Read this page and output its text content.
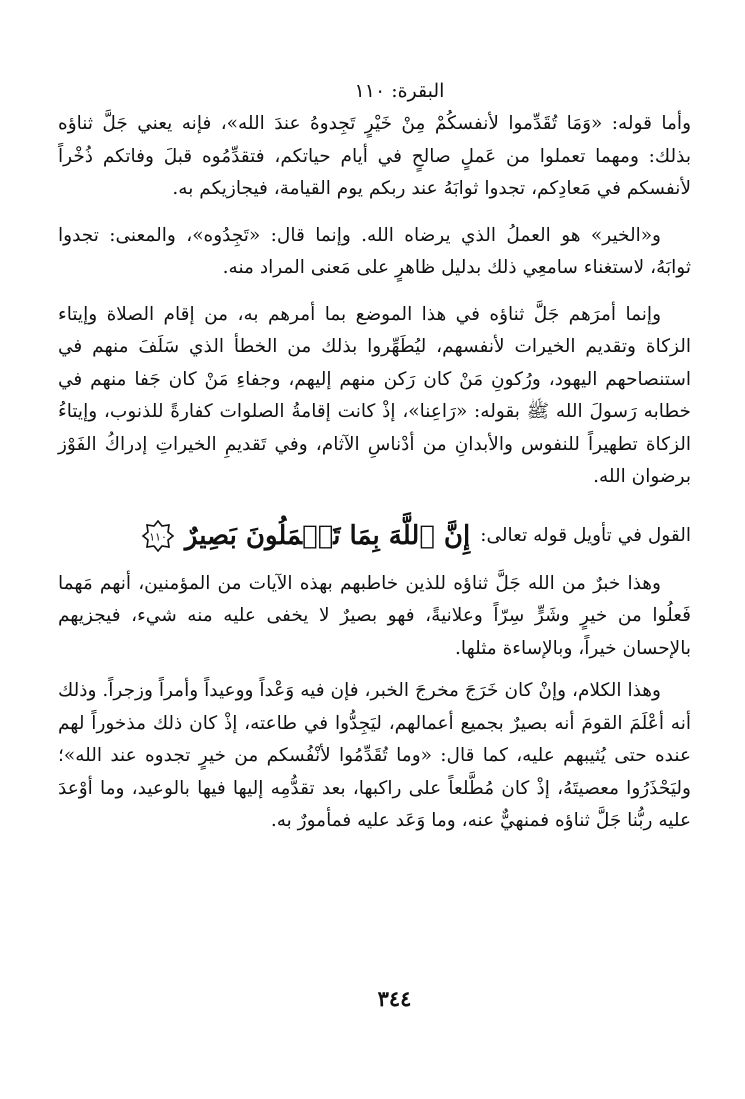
البقرة: ١١٠

وأما قوله: «وَمَا تُقَدِّموا لأنفسكُمْ مِنْ خَيْرٍ تَجِدوهُ عندَ الله»، فإنه يعني جَلَّ ثناؤه بذلك: ومهما تعملوا من عَملٍ صالحٍ في أيام حياتكم، فتقدِّمُوه قبلَ وفاتكم ذُخْراً لأنفسكم في مَعادِكم، تجدوا ثوابَهُ عند ربكم يوم القيامة، فيجازيكم به.

و«الخير» هو العملُ الذي يرضاه الله. وإنما قال: «تَجِدُوه»، والمعنى: تجدوا ثوابَهُ، لاستغناء سامعِي ذلك بدليل ظاهرٍ على مَعنى المراد منه.

وإنما أمرَهم جَلَّ ثناؤه في هذا الموضع بما أمرهم به، من إقام الصلاة وإيتاء الزكاة وتقديم الخيرات لأنفسهم، ليُطَهِّروا بذلك من الخطأ الذي سَلَفَ منهم في استنصاحهم اليهود، ورُكونِ مَنْ كان رَكن منهم إليهم، وجفاءِ مَنْ كان جَفا منهم في خطابه رَسولَ الله ﷺ بقوله: «رَاعِنا»، إذْ كانت إقامةُ الصلوات كفارةً للذنوب، وإيتاءُ الزكاة تطهيراً للنفوس والأبدانِ من أدْناسِ الآثام، وفي تَقديمِ الخيراتِ إدراكُ الفَوْز برضوان الله.

القول في تأويل قوله تعالى:
إِنَّ ٱللَّهَ بِمَا تَعۡمَلُونَ بَصِيرٌ
١١٠

وهذا خبرٌ من الله جَلَّ ثناؤه للذين خاطبهم بهذه الآيات من المؤمنين، أنهم مَهما فَعلُوا من خيرٍ وشَرٍّ سِرّاً وعلانيةً، فهو بصيرٌ لا يخفى عليه منه شيء، فيجزيهم بالإحسان خيراً، وبالإساءة مثلها.

وهذا الكلام، وإنْ كان خَرَجَ مخرجَ الخبر، فإن فيه وَعْداً ووعيداً وأمراً وزجراً. وذلك أنه أعْلَمَ القومَ أنه بصيرٌ بجميع أعمالهم، ليَجِدُّوا في طاعته، إذْ كان ذلك مذخوراً لهم عنده حتى يُثيبهم عليه، كما قال: «وما تُقَدِّمُوا لأنْفُسكم من خيرٍ تجدوه عند الله»؛ وليَحْذَرُوا معصيتَهُ، إذْ كان مُطَّلعاً على راكبها، بعد تقدُّمِه إليها فيها بالوعيد، وما أوْعدَ عليه ربُّنا جَلَّ ثناؤه فمنهيٌّ عنه، وما وَعَد عليه فمأمورٌ به.

٣٤٤
